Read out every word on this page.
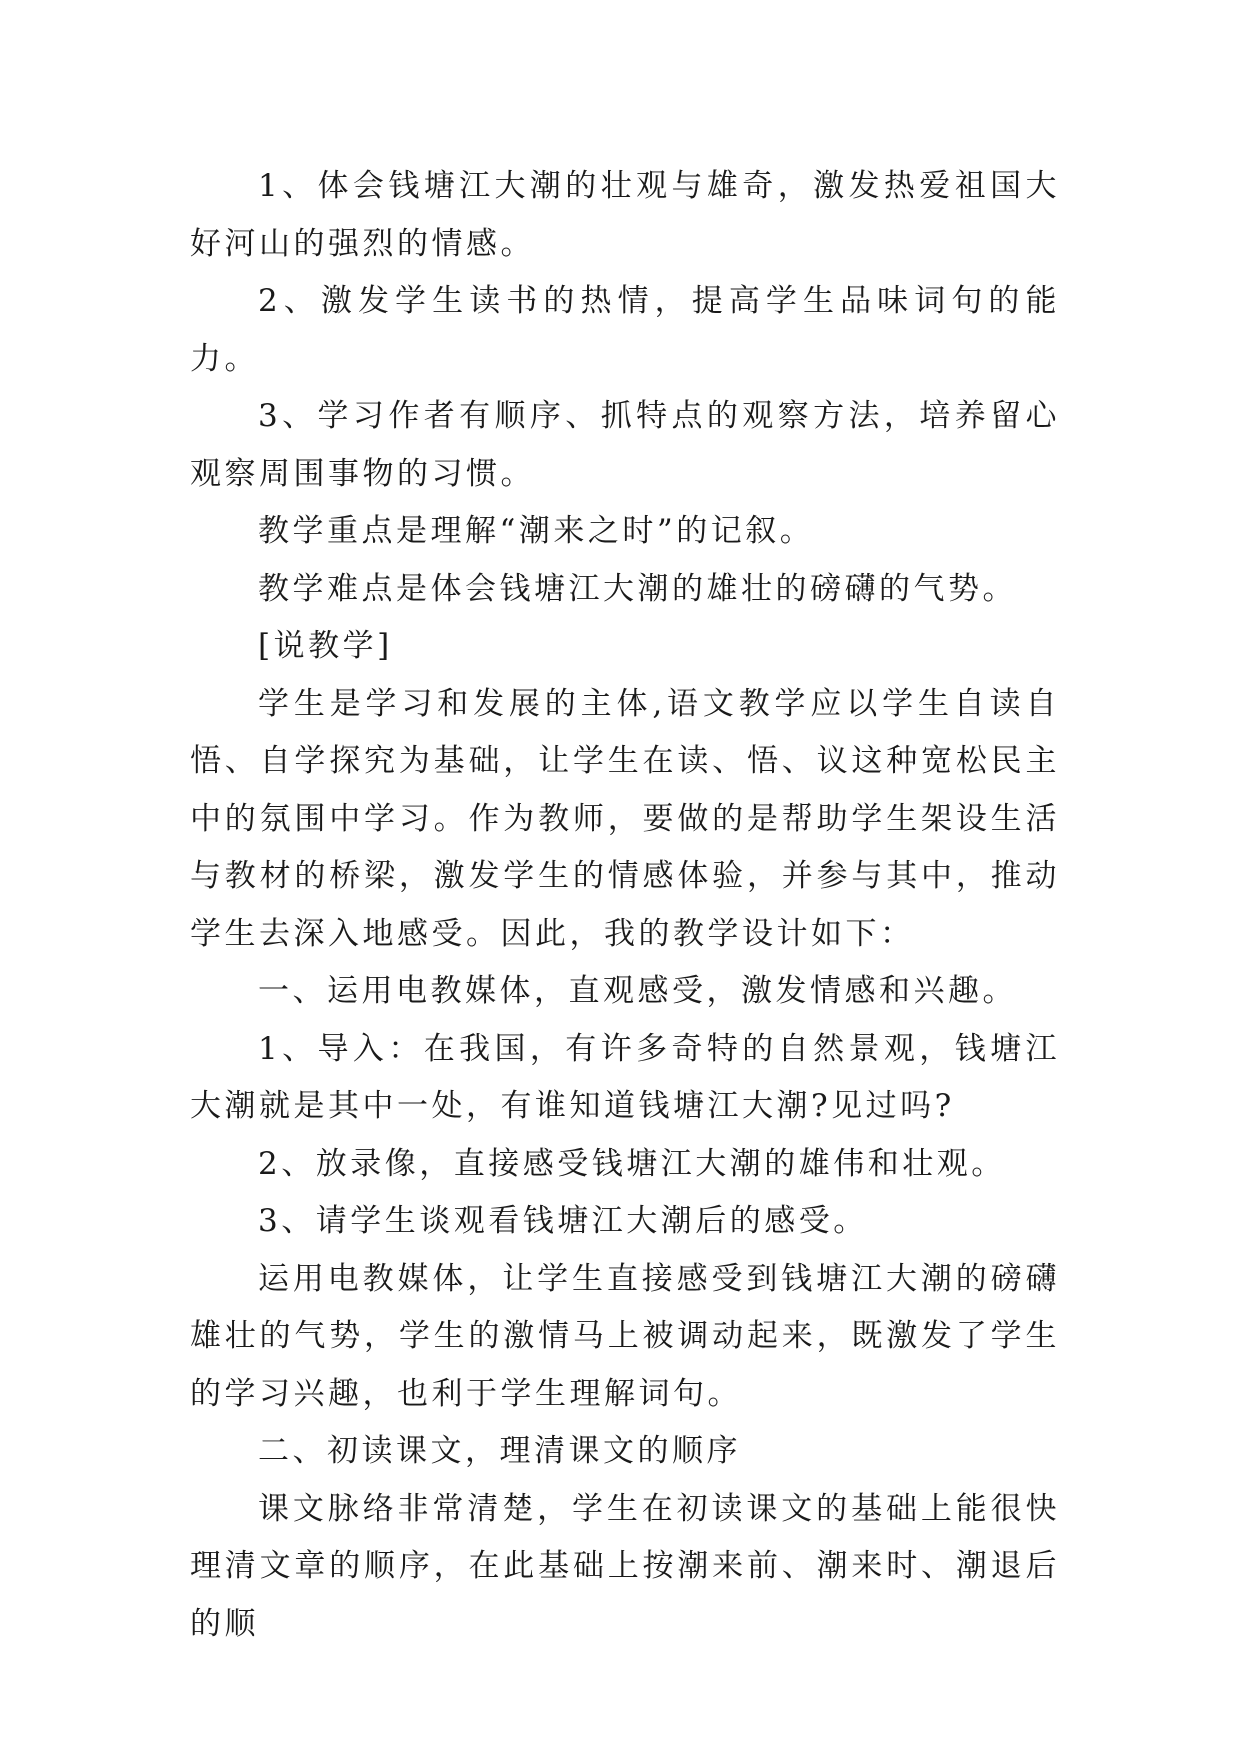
1、体会钱塘江大潮的壮观与雄奇，激发热爱祖国大好河山的强烈的情感。

2、激发学生读书的热情，提高学生品味词句的能力。

3、学习作者有顺序、抓特点的观察方法，培养留心观察周围事物的习惯。

教学重点是理解“潮来之时”的记叙。

教学难点是体会钱塘江大潮的雄壮的磅礴的气势。

[说教学]

学生是学习和发展的主体,语文教学应以学生自读自悟、自学探究为基础，让学生在读、悟、议这种宽松民主中的氛围中学习。作为教师，要做的是帮助学生架设生活与教材的桥梁，激发学生的情感体验，并参与其中，推动学生去深入地感受。因此，我的教学设计如下：

一、运用电教媒体，直观感受，激发情感和兴趣。

1、导入：在我国，有许多奇特的自然景观，钱塘江大潮就是其中一处，有谁知道钱塘江大潮?见过吗?

2、放录像，直接感受钱塘江大潮的雄伟和壮观。

3、请学生谈观看钱塘江大潮后的感受。

运用电教媒体，让学生直接感受到钱塘江大潮的磅礴雄壮的气势，学生的激情马上被调动起来，既激发了学生的学习兴趣，也利于学生理解词句。

二、初读课文，理清课文的顺序

课文脉络非常清楚，学生在初读课文的基础上能很快理清文章的顺序，在此基础上按潮来前、潮来时、潮退后的顺
